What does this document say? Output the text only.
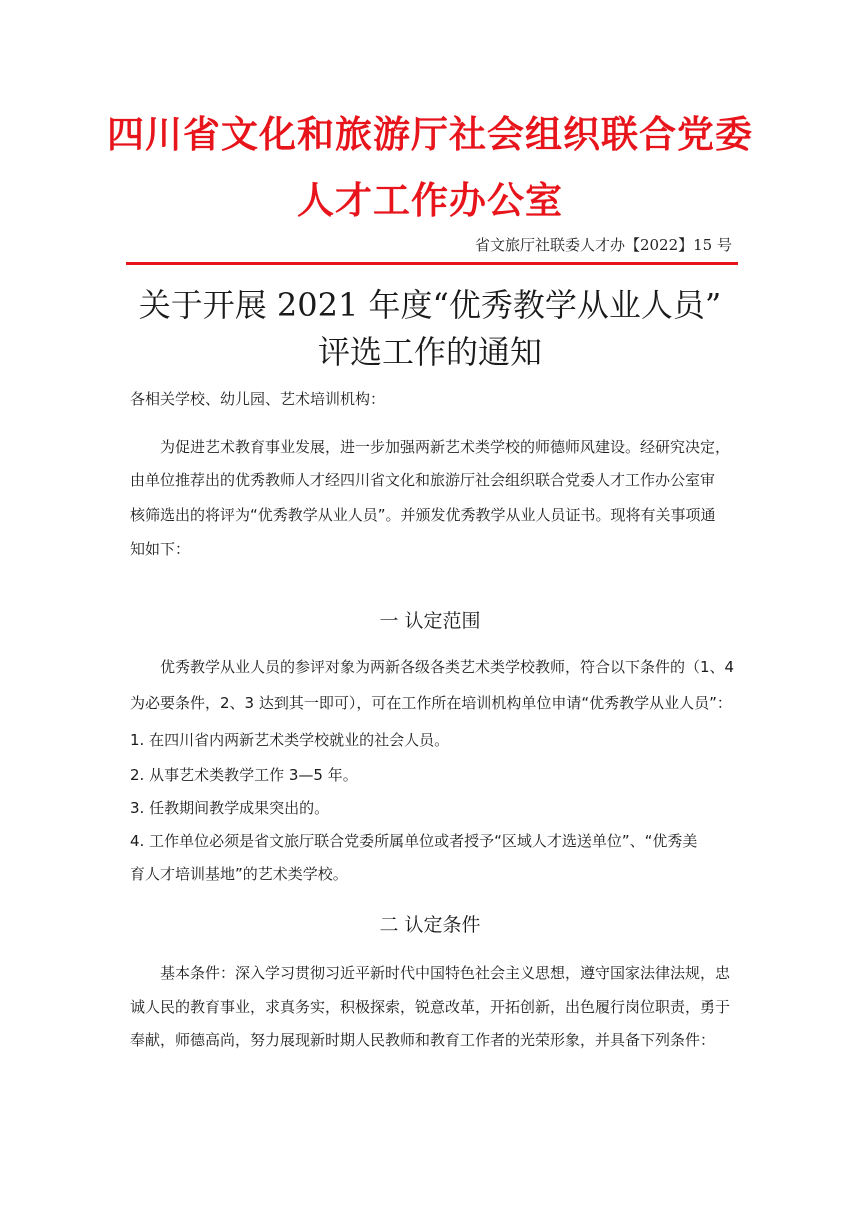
四川省文化和旅游厅社会组织联合党委
人才工作办公室
省文旅厅社联委人才办【2022】15 号
关于开展 2021 年度“优秀教学从业人员”
评选工作的通知
各相关学校、幼儿园、艺术培训机构：
为促进艺术教育事业发展，进一步加强两新艺术类学校的师德师风建设。经研究决定，
由单位推荐出的优秀教师人才经四川省文化和旅游厅社会组织联合党委人才工作办公室审
核筛选出的将评为“优秀教学从业人员”。并颁发优秀教学从业人员证书。现将有关事项通
知如下：
一 认定范围
优秀教学从业人员的参评对象为两新各级各类艺术类学校教师，符合以下条件的（1、4
为必要条件，2、3 达到其一即可），可在工作所在培训机构单位申请“优秀教学从业人员”：
1. 在四川省内两新艺术类学校就业的社会人员。
2. 从事艺术类教学工作 3—5 年。
3. 任教期间教学成果突出的。
4. 工作单位必须是省文旅厅联合党委所属单位或者授予“区域人才选送单位”、“优秀美
育人才培训基地”的艺术类学校。
二 认定条件
基本条件：深入学习贯彻习近平新时代中国特色社会主义思想，遵守国家法律法规，忠
诚人民的教育事业，求真务实，积极探索，锐意改革，开拓创新，出色履行岗位职责，勇于
奉献，师德高尚，努力展现新时期人民教师和教育工作者的光荣形象，并具备下列条件：
